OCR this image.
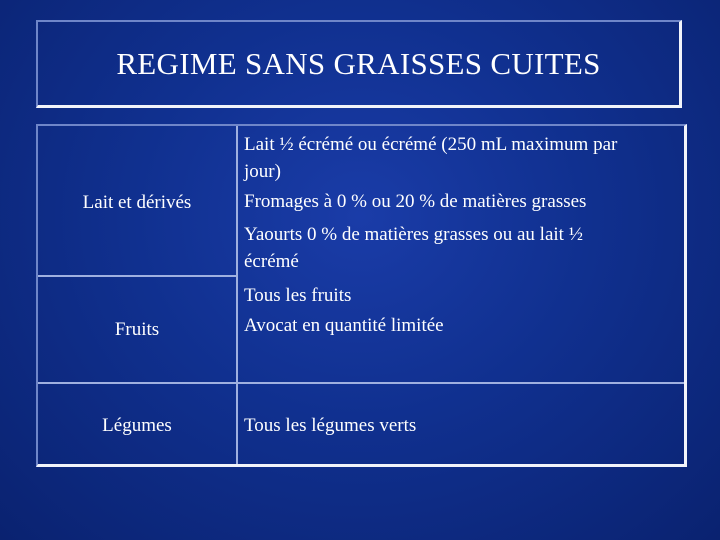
REGIME SANS GRAISSES CUITES
Lait et dérivés
Lait ½ écrémé ou écrémé (250 mL maximum par
jour)
Fromages à 0 % ou 20 % de matières grasses
Yaourts 0 % de matières grasses ou au lait ½
écrémé
Fruits
Tous les fruits
Avocat en quantité limitée
Légumes	Tous les légumes verts
